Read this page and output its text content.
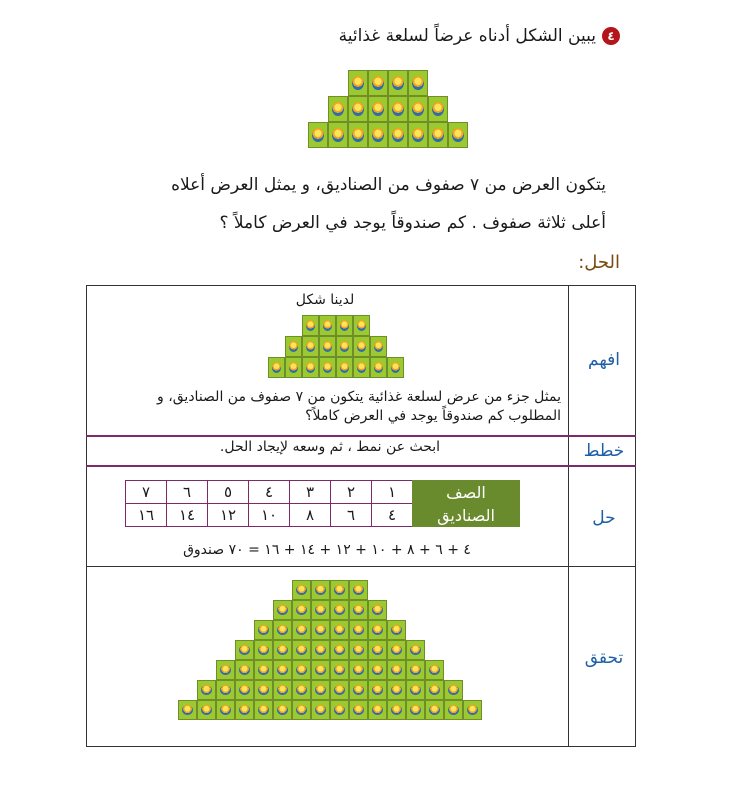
٤
يبين الشكل أدناه عرضاً لسلعة غذائية
يتكون العرض من ٧ صفوف من الصناديق، و يمثل العرض أعلاه
أعلى ثلاثة صفوف . كم صندوقاً يوجد في العرض كاملاً ؟
الحل:
افهم
لدينا شكل
يمثل جزء من عرض لسلعة غذائية يتكون من ٧ صفوف من الصناديق، و
المطلوب كم صندوقاً يوجد في العرض كاملاً؟
خطط
ابحث عن نمط ، ثم وسعه لإيجاد الحل.
حل
الصف	١	٢	٣	٤	٥	٦	٧
الصناديق	٤	٦	٨	١٠	١٢	١٤	١٦
٤ + ٦ + ٨ + ١٠ + ١٢ + ١٤ + ١٦ = ٧٠ صندوق
تحقق
